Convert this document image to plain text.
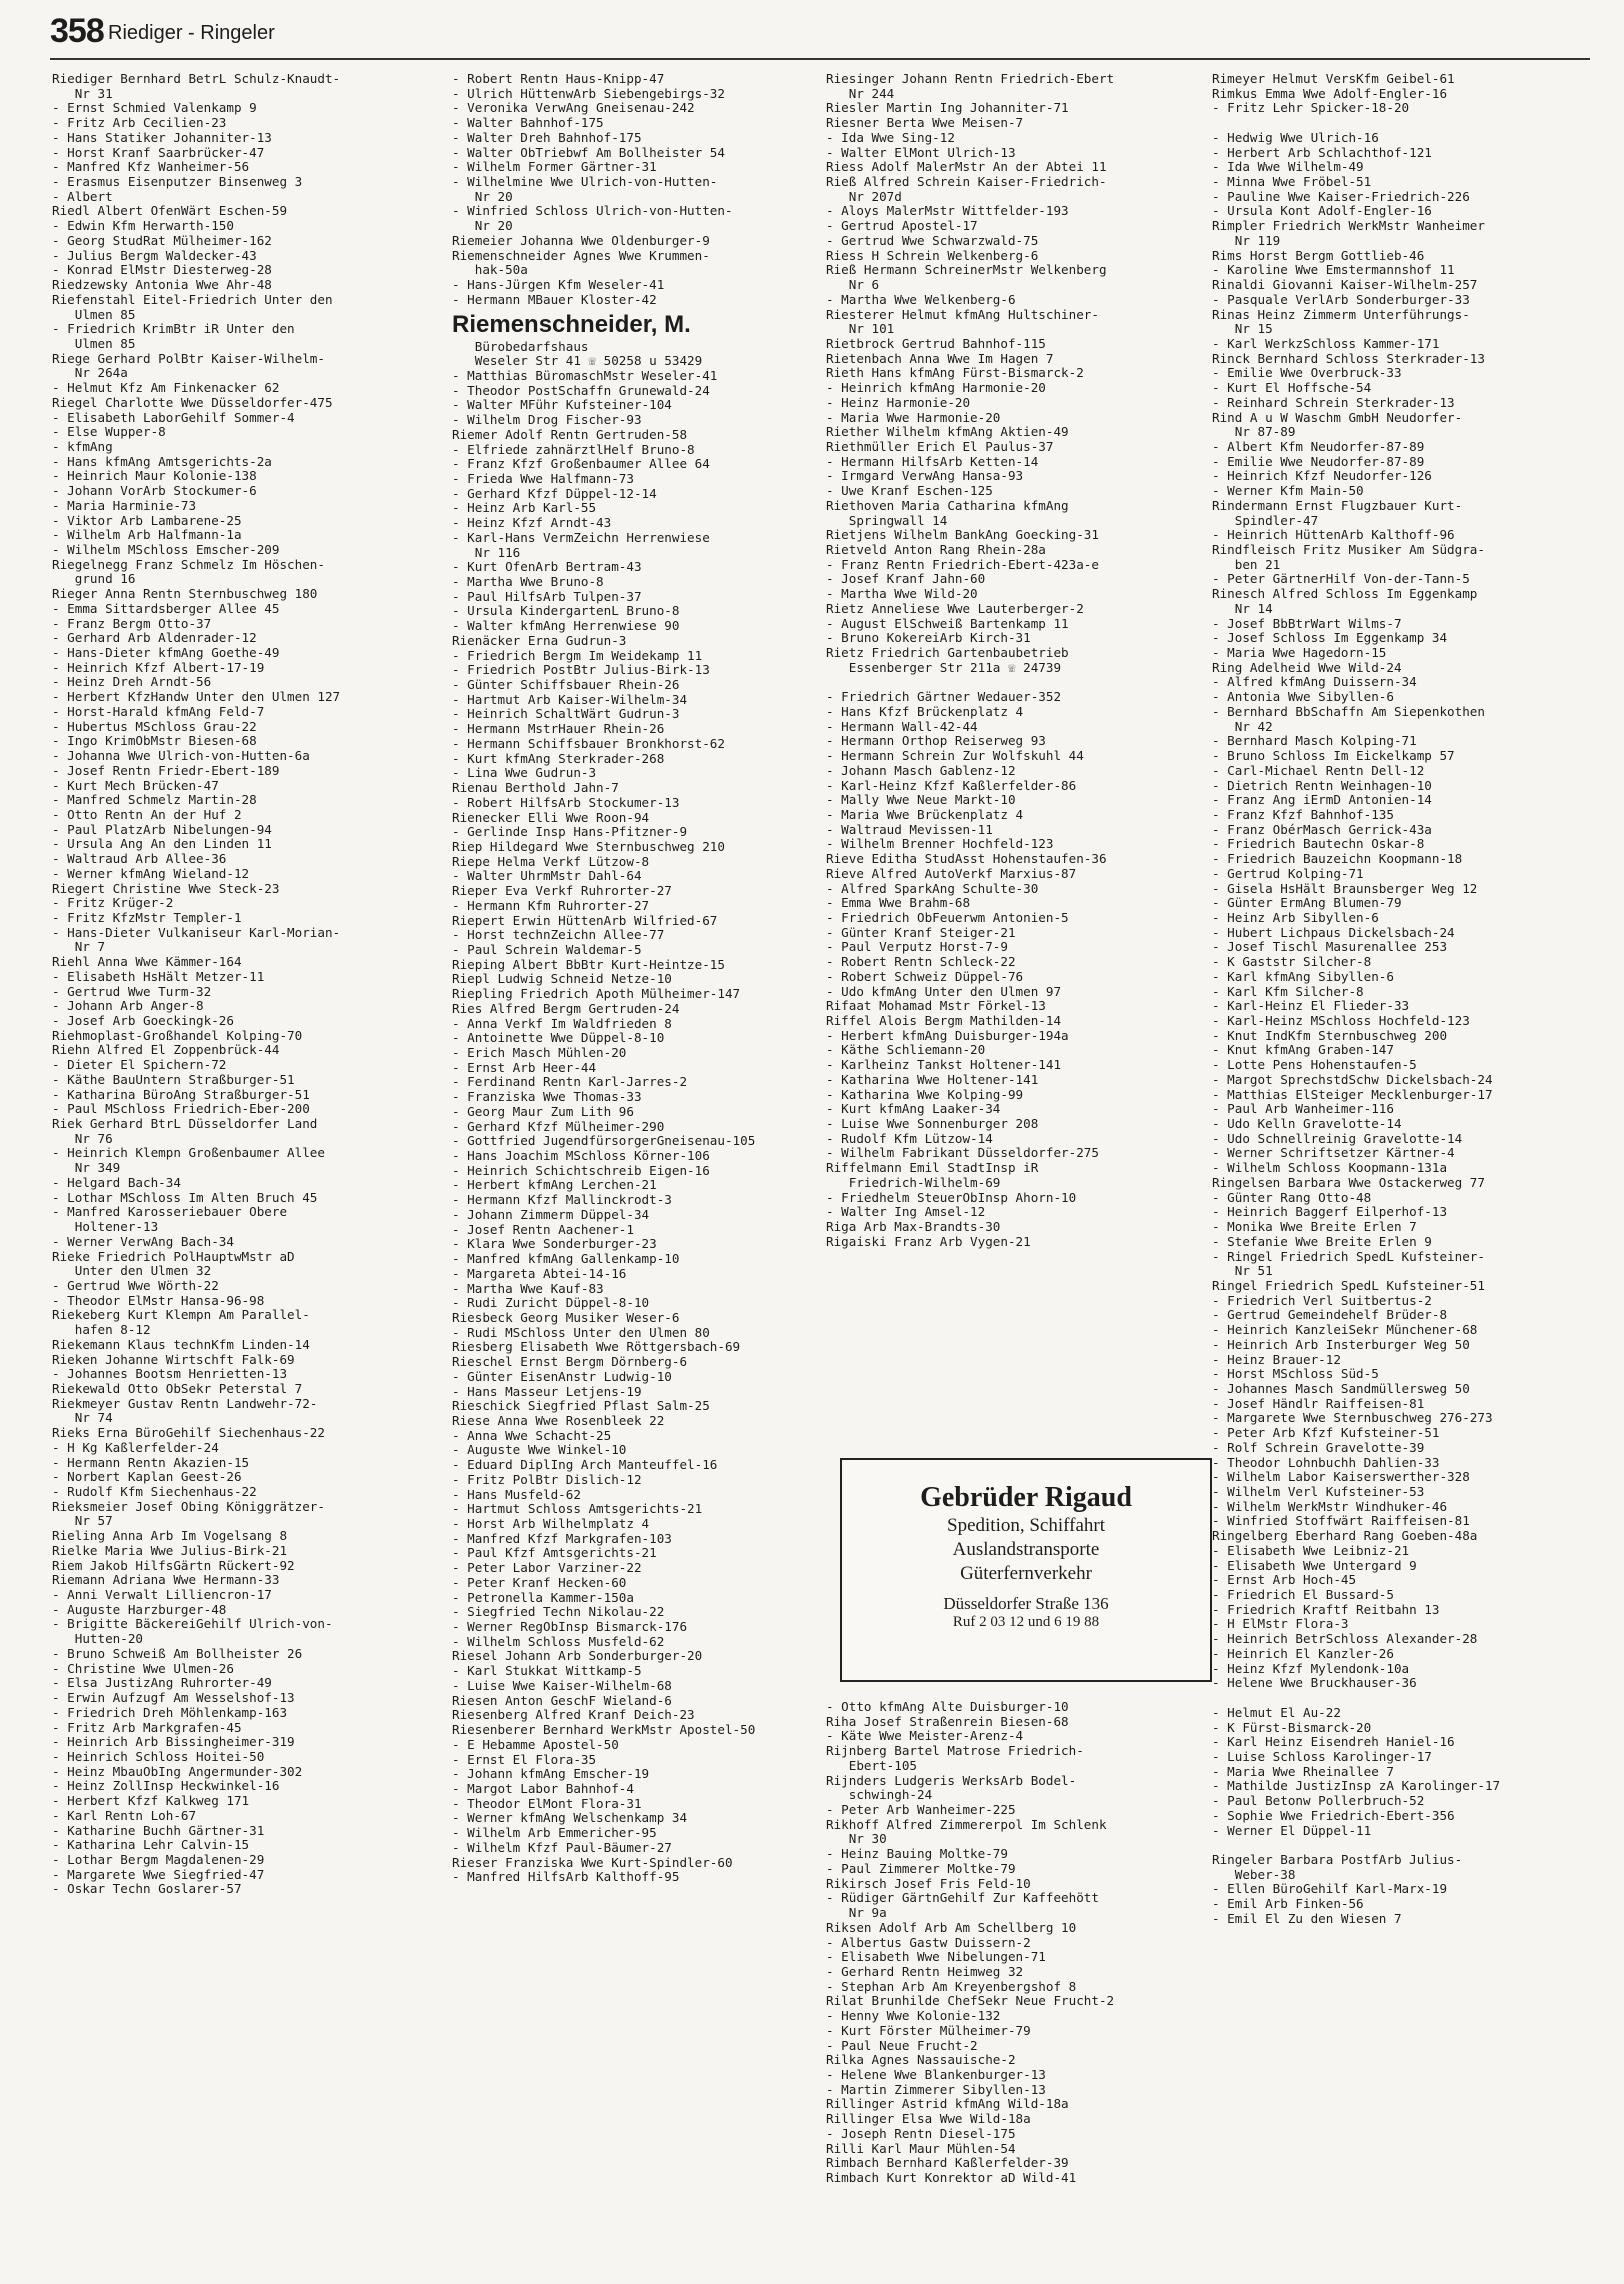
358 Riediger - Ringeler
Riediger Bernhard BetrL Schulz-Knaudt-
Nr 31
- Ernst Schmied Valenkamp 9
- Fritz Arb Cecilien-23
- Hans Statiker Johanniter-13
- Horst Kranf Saarbrücker-47
- Manfred Kfz Wanheimer-56
- Erasmus Eisenputzer Binsenweg 3
- Albert
Riedl Albert OfenWärt Eschen-59
- Edwin Kfm Herwarth-150
- Georg StudRat Mülheimer-162
- Julius Bergm Waldecker-43
- Konrad ElMstr Diesterweg-28
Riedzewsky Antonia Wwe Ahr-48
Riefenstahl Eitel-Friedrich Unter den
Ulmen 85
- Friedrich KrimBtr iR Unter den
Ulmen 85
Riege Gerhard PolBtr Kaiser-Wilhelm-
Nr 264a
- Helmut Kfz Am Finkenacker 62
Riegel Charlotte Wwe Düsseldorfer-475
- Elisabeth LaborGehilf Sommer-4
- Else Wupper-8
- kfmAng
- Hans kfmAng Amtsgerichts-2a
- Heinrich Maur Kolonie-138
- Johann VorArb Stockumer-6
- Maria Harminie-73
- Viktor Arb Lambarene-25
- Wilhelm Arb Halfmann-1a
- Wilhelm MSchloss Emscher-209
Riegelnegg Franz Schmelz Im Höschen-
grund 16
Rieger Anna Rentn Sternbuschweg 180
- Emma Sittardsberger Allee 45
- Franz Bergm Otto-37
- Gerhard Arb Aldenrader-12
- Hans-Dieter kfmAng Goethe-49
- Heinrich Kfzf Albert-17-19
- Heinz Dreh Arndt-56
- Herbert KfzHandw Unter den Ulmen 127
- Horst-Harald kfmAng Feld-7
- Hubertus MSchloss Grau-22
- Ingo KrimObMstr Biesen-68
- Johanna Wwe Ulrich-von-Hutten-6a
- Josef Rentn Friedr-Ebert-189
- Kurt Mech Brücken-47
- Manfred Schmelz Martin-28
- Otto Rentn An der Huf 2
- Paul PlatzArb Nibelungen-94
- Ursula Ang An den Linden 11
- Waltraud Arb Allee-36
- Werner kfmAng Wieland-12
Riegert Christine Wwe Steck-23
- Fritz Krüger-2
- Fritz KfzMstr Templer-1
- Hans-Dieter Vulkaniseur Karl-Morian-
Nr 7
Riehl Anna Wwe Kämmer-164
- Elisabeth HsHält Metzer-11
- Gertrud Wwe Turm-32
- Johann Arb Anger-8
- Josef Arb Goeckingk-26
Riehmoplast-Großhandel Kolping-70
Riehn Alfred El Zoppenbrück-44
- Dieter El Spichern-72
- Käthe BauUntern Straßburger-51
- Katharina BüroAng Straßburger-51
- Paul MSchloss Friedrich-Eber-200
Riek Gerhard BtrL Düsseldorfer Land
Nr 76
- Heinrich Klempn Großenbaumer Allee
Nr 349
- Helgard Bach-34
- Lothar MSchloss Im Alten Bruch 45
- Manfred Karosseriebauer Obere
Holtener-13
- Werner VerwAng Bach-34
Rieke Friedrich PolHauptwMstr aD
Unter den Ulmen 32
- Gertrud Wwe Wörth-22
- Theodor ElMstr Hansa-96-98
Riekeberg Kurt Klempn Am Parallel-
hafen 8-12
Riekemann Klaus technKfm Linden-14
Rieken Johanne Wirtschft Falk-69
- Johannes Bootsm Henrietten-13
Riekewald Otto ObSekr Peterstal 7
Riekmeyer Gustav Rentn Landwehr-72-
Nr 74
Rieks Erna BüroGehilf Siechenhaus-22
- H Kg Kaßlerfelder-24
- Hermann Rentn Akazien-15
- Norbert Kaplan Geest-26
- Rudolf Kfm Siechenhaus-22
Rieksmeier Josef Obing Königgrätzer-
Nr 57
Rieling Anna Arb Im Vogelsang 8
Rielke Maria Wwe Julius-Birk-21
Riem Jakob HilfsGärtn Rückert-92
Riemann Adriana Wwe Hermann-33
- Anni Verwalt Lilliencron-17
- Auguste Harzburger-48
- Brigitte BäckereiGehilf Ulrich-von-
Hutten-20
- Bruno Schweiß Am Bollheister 26
- Christine Wwe Ulmen-26
- Elsa JustizAng Ruhrorter-49
- Erwin Aufzugf Am Wesselshof-13
- Friedrich Dreh Möhlenkamp-163
- Fritz Arb Markgrafen-45
- Heinrich Arb Bissingheimer-319
- Heinrich Schloss Hoitei-50
- Heinz MbauObIng Angermunder-302
- Heinz ZollInsp Heckwinkel-16
- Herbert Kfzf Kalkweg 171
- Karl Rentn Loh-67
- Katharine Buchh Gärtner-31
- Katharina Lehr Calvin-15
- Lothar Bergm Magdalenen-29
- Margarete Wwe Siegfried-47
- Oskar Techn Goslarer-57
- Robert Rentn Haus-Knipp-47
- Ulrich HüttenwArb Siebengebirgs-32
- Veronika VerwAng Gneisenau-242
- Walter Bahnhof-175
- Walter Dreh Bahnhof-175
- Walter ObTriebwf Am Bollheister 54
- Wilhelm Former Gärtner-31
- Wilhelmine Wwe Ulrich-von-Hutten-
Nr 20
- Winfried Schloss Ulrich-von-Hutten-
Nr 20
Riemeier Johanna Wwe Oldenburger-9
Riemenschneider Agnes Wwe Krummen-
hak-50a
- Hans-Jürgen Kfm Weseler-41
- Hermann MBauer Kloster-42
Riemenschneider, M.
Bürobedarfshaus
Weseler Str 41 ☏ 50258 u 53429
- Matthias BüromaschMstr Weseler-41
- Theodor PostSchaffn Grunewald-24
- Walter MFühr Kufsteiner-104
- Wilhelm Drog Fischer-93
Riemer Adolf Rentn Gertruden-58
- Elfriede zahnärztlHelf Bruno-8
- Franz Kfzf Großenbaumer Allee 64
- Frieda Wwe Halfmann-73
- Gerhard Kfzf Düppel-12-14
- Heinz Arb Karl-55
- Heinz Kfzf Arndt-43
- Karl-Hans VermZeichn Herrenwiese
Nr 116
- Kurt OfenArb Bertram-43
- Martha Wwe Bruno-8
- Paul HilfsArb Tulpen-37
- Ursula KindergartenL Bruno-8
- Walter kfmAng Herrenwiese 90
Rienäcker Erna Gudrun-3
- Friedrich Bergm Im Weidekamp 11
- Friedrich PostBtr Julius-Birk-13
- Günter Schiffsbauer Rhein-26
- Hartmut Arb Kaiser-Wilhelm-34
- Heinrich SchaltWärt Gudrun-3
- Hermann MstrHauer Rhein-26
- Hermann Schiffsbauer Bronkhorst-62
- Kurt kfmAng Sterkrader-268
- Lina Wwe Gudrun-3
Rienau Berthold Jahn-7
- Robert HilfsArb Stockumer-13
Rienecker Elli Wwe Roon-94
- Gerlinde Insp Hans-Pfitzner-9
Riep Hildegard Wwe Sternbuschweg 210
Riepe Helma Verkf Lützow-8
- Walter UhrmMstr Dahl-64
Rieper Eva Verkf Ruhrorter-27
- Hermann Kfm Ruhrorter-27
Riepert Erwin HüttenArb Wilfried-67
- Horst technZeichn Allee-77
- Paul Schrein Waldemar-5
Rieping Albert BbBtr Kurt-Heintze-15
Riepl Ludwig Schneid Netze-10
Riepling Friedrich Apoth Mülheimer-147
Ries Alfred Bergm Gertruden-24
- Anna Verkf Im Waldfrieden 8
- Antoinette Wwe Düppel-8-10
- Erich Masch Mühlen-20
- Ernst Arb Heer-44
- Ferdinand Rentn Karl-Jarres-2
- Franziska Wwe Thomas-33
- Georg Maur Zum Lith 96
- Gerhard Kfzf Mülheimer-290
- Gottfried JugendfürsorgerGneisenau-105
- Hans Joachim MSchloss Körner-106
- Heinrich Schichtschreib Eigen-16
- Herbert kfmAng Lerchen-21
- Hermann Kfzf Mallinckrodt-3
- Johann Zimmerm Düppel-34
- Josef Rentn Aachener-1
- Klara Wwe Sonderburger-23
- Manfred kfmAng Gallenkamp-10
- Margareta Abtei-14-16
- Martha Wwe Kauf-83
- Rudi Zuricht Düppel-8-10
Riesbeck Georg Musiker Weser-6
- Rudi MSchloss Unter den Ulmen 80
Riesberg Elisabeth Wwe Röttgersbach-69
Rieschel Ernst Bergm Dörnberg-6
- Günter EisenAnstr Ludwig-10
- Hans Masseur Letjens-19
Rieschick Siegfried Pflast Salm-25
Riese Anna Wwe Rosenbleek 22
- Anna Wwe Schacht-25
- Auguste Wwe Winkel-10
- Eduard DiplIng Arch Manteuffel-16
- Fritz PolBtr Dislich-12
- Hans Musfeld-62
- Hartmut Schloss Amtsgerichts-21
- Horst Arb Wilhelmplatz 4
- Manfred Kfzf Markgrafen-103
- Paul Kfzf Amtsgerichts-21
- Peter Labor Varziner-22
- Peter Kranf Hecken-60
- Petronella Kammer-150a
- Siegfried Techn Nikolau-22
- Werner RegObInsp Bismarck-176
- Wilhelm Schloss Musfeld-62
Riesel Johann Arb Sonderburger-20
- Karl Stukkat Wittkamp-5
- Luise Wwe Kaiser-Wilhelm-68
Riesen Anton GeschF Wieland-6
Riesenberg Alfred Kranf Deich-23
Riesenberer Bernhard WerkMstr Apostel-50
- E Hebamme Apostel-50
- Ernst El Flora-35
- Johann kfmAng Emscher-19
- Margot Labor Bahnhof-4
- Theodor ElMont Flora-31
- Werner kfmAng Welschenkamp 34
- Wilhelm Arb Emmericher-95
- Wilhelm Kfzf Paul-Bäumer-27
Rieser Franziska Wwe Kurt-Spindler-60
- Manfred HilfsArb Kalthoff-95
Riesinger Johann Rentn Friedrich-Ebert
Nr 244
Riesler Martin Ing Johanniter-71
Riesner Berta Wwe Meisen-7
- Ida Wwe Sing-12
- Walter ElMont Ulrich-13
Riess Adolf MalerMstr An der Abtei 11
Rieß Alfred Schrein Kaiser-Friedrich-
Nr 207d
- Aloys MalerMstr Wittfelder-193
- Gertrud Apostel-17
- Gertrud Wwe Schwarzwald-75
Riess H Schrein Welkenberg-6
Rieß Hermann SchreinerMstr Welkenberg
Nr 6
- Martha Wwe Welkenberg-6
Riesterer Helmut kfmAng Hultschiner-
Nr 101
Rietbrock Gertrud Bahnhof-115
Rietenbach Anna Wwe Im Hagen 7
Rieth Hans kfmAng Fürst-Bismarck-2
- Heinrich kfmAng Harmonie-20
- Heinz Harmonie-20
- Maria Wwe Harmonie-20
Riether Wilhelm kfmAng Aktien-49
Riethmüller Erich El Paulus-37
- Hermann HilfsArb Ketten-14
- Irmgard VerwAng Hansa-93
- Uwe Kranf Eschen-125
Riethoven Maria Catharina kfmAng
Springwall 14
Rietjens Wilhelm BankAng Goecking-31
Rietveld Anton Rang Rhein-28a
- Franz Rentn Friedrich-Ebert-423a-e
- Josef Kranf Jahn-60
- Martha Wwe Wild-20
Rietz Anneliese Wwe Lauterberger-2
- August ElSchweiß Bartenkamp 11
- Bruno KokereiArb Kirch-31
Rietz Friedrich Gartenbaubetrieb
Essenberger Str 211a ☏ 24739

- Friedrich Gärtner Wedauer-352
- Hans Kfzf Brückenplatz 4
- Hermann Wall-42-44
- Hermann Orthop Reiserweg 93
- Hermann Schrein Zur Wolfskuhl 44
- Johann Masch Gablenz-12
- Karl-Heinz Kfzf Kaßlerfelder-86
- Mally Wwe Neue Markt-10
- Maria Wwe Brückenplatz 4
- Waltraud Mevissen-11
- Wilhelm Brenner Hochfeld-123
Rieve Editha StudAsst Hohenstaufen-36
Rieve Alfred AutoVerkf Marxius-87
- Alfred SparkAng Schulte-30
- Emma Wwe Brahm-68
- Friedrich ObFeuerwm Antonien-5
- Günter Kranf Steiger-21
- Paul Verputz Horst-7-9
- Robert Rentn Schleck-22
- Robert Schweiz Düppel-76
- Udo kfmAng Unter den Ulmen 97
Rifaat Mohamad Mstr Förkel-13
Riffel Alois Bergm Mathilden-14
- Herbert kfmAng Duisburger-194a
- Käthe Schliemann-20
- Karlheinz Tankst Holtener-141
- Katharina Wwe Holtener-141
- Katharina Wwe Kolping-99
- Kurt kfmAng Laaker-34
- Luise Wwe Sonnenburger 208
- Rudolf Kfm Lützow-14
- Wilhelm Fabrikant Düsseldorfer-275
Riffelmann Emil StadtInsp iR
Friedrich-Wilhelm-69
- Friedhelm SteuerObInsp Ahorn-10
- Walter Ing Amsel-12
Riga Arb Max-Brandts-30
Rigaiski Franz Arb Vygen-21
Rimeyer Helmut VersKfm Geibel-61
Rimkus Emma Wwe Adolf-Engler-16
- Fritz Lehr Spicker-18-20

- Hedwig Wwe Ulrich-16
- Herbert Arb Schlachthof-121
- Ida Wwe Wilhelm-49
- Minna Wwe Fröbel-51
- Pauline Wwe Kaiser-Friedrich-226
- Ursula Kont Adolf-Engler-16
Rimpler Friedrich WerkMstr Wanheimer
Nr 119
Rims Horst Bergm Gottlieb-46
- Karoline Wwe Emstermannshof 11
Rinaldi Giovanni Kaiser-Wilhelm-257
- Pasquale VerlArb Sonderburger-33
Rinas Heinz Zimmerm Unterführungs-
Nr 15
- Karl WerkzSchloss Kammer-171
Rinck Bernhard Schloss Sterkrader-13
- Emilie Wwe Overbruck-33
- Kurt El Hoffsche-54
- Reinhard Schrein Sterkrader-13
Rind A u W Waschm GmbH Neudorfer-
Nr 87-89
- Albert Kfm Neudorfer-87-89
- Emilie Wwe Neudorfer-87-89
- Heinrich Kfzf Neudorfer-126
- Werner Kfm Main-50
Rindermann Ernst Flugzbauer Kurt-
Spindler-47
- Heinrich HüttenArb Kalthoff-96
Rindfleisch Fritz Musiker Am Südgra-
ben 21
- Peter GärtnerHilf Von-der-Tann-5
Rinesch Alfred Schloss Im Eggenkamp
Nr 14
- Josef BbBtrWart Wilms-7
- Josef Schloss Im Eggenkamp 34
- Maria Wwe Hagedorn-15
Ring Adelheid Wwe Wild-24
- Alfred kfmAng Duissern-34
- Antonia Wwe Sibyllen-6
- Bernhard BbSchaffn Am Siepenkothen
Nr 42
- Bernhard Masch Kolping-71
- Bruno Schloss Im Eickelkamp 57
- Carl-Michael Rentn Dell-12
- Dietrich Rentn Weinhagen-10
- Franz Ang iErmD Antonien-14
- Franz Kfzf Bahnhof-135
- Franz ObérMasch Gerrick-43a
- Friedrich Bautechn Oskar-8
- Friedrich Bauzeichn Koopmann-18
- Gertrud Kolping-71
- Gisela HsHält Braunsberger Weg 12
- Günter ErmAng Blumen-79
- Heinz Arb Sibyllen-6
- Hubert Lichpaus Dickelsbach-24
- Josef Tischl Masurenallee 253
- K Gaststr Silcher-8
- Karl kfmAng Sibyllen-6
- Karl Kfm Silcher-8
- Karl-Heinz El Flieder-33
- Karl-Heinz MSchloss Hochfeld-123
- Knut IndKfm Sternbuschweg 200
- Knut kfmAng Graben-147
- Lotte Pens Hohenstaufen-5
- Margot SprechstdSchw Dickelsbach-24
- Matthias ElSteiger Mecklenburger-17
- Paul Arb Wanheimer-116
- Udo Kelln Gravelotte-14
- Udo Schnellreinig Gravelotte-14
- Werner Schriftsetzer Kärtner-4
- Wilhelm Schloss Koopmann-131a
Ringelsen Barbara Wwe Ostackerweg 77
- Günter Rang Otto-48
- Heinrich Baggerf Eilperhof-13
- Monika Wwe Breite Erlen 7
- Stefanie Wwe Breite Erlen 9
- Ringel Friedrich SpedL Kufsteiner-
Nr 51
Ringel Friedrich SpedL Kufsteiner-51
- Friedrich Verl Suitbertus-2
- Gertrud Gemeindehelf Brüder-8
- Heinrich KanzleiSekr Münchener-68
- Heinrich Arb Insterburger Weg 50
- Heinz Brauer-12
- Horst MSchloss Süd-5
- Johannes Masch Sandmüllersweg 50
- Josef Händlr Raiffeisen-81
- Margarete Wwe Sternbuschweg 276-273
- Peter Arb Kfzf Kufsteiner-51
- Rolf Schrein Gravelotte-39
- Theodor Lohnbuchh Dahlien-33
- Wilhelm Labor Kaiserswerther-328
- Wilhelm Verl Kufsteiner-53
- Wilhelm WerkMstr Windhuker-46
- Winfried Stoffwärt Raiffeisen-81
Ringelberg Eberhard Rang Goeben-48a
- Elisabeth Wwe Leibniz-21
- Elisabeth Wwe Untergard 9
- Ernst Arb Hoch-45
- Friedrich El Bussard-5
- Friedrich Kraftf Reitbahn 13
- H ElMstr Flora-3
- Heinrich BetrSchloss Alexander-28
- Heinrich El Kanzler-26
- Heinz Kfzf Mylendonk-10a
- Helene Wwe Bruckhauser-36

- Helmut El Au-22
- K Fürst-Bismarck-20
- Karl Heinz Eisendreh Haniel-16
- Luise Schloss Karolinger-17
- Maria Wwe Rheinallee 7
- Mathilde JustizInsp zA Karolinger-17
- Paul Betonw Pollerbruch-52
- Sophie Wwe Friedrich-Ebert-356
- Werner El Düppel-11

Ringeler Barbara PostfArb Julius-
Weber-38
- Ellen BüroGehilf Karl-Marx-19
- Emil Arb Finken-56
- Emil El Zu den Wiesen 7
Gebrüder Rigaud
Spedition, Schiffahrt
Auslandstransporte
Güterfernverkehr
Düsseldorfer Straße 136
Ruf 2 03 12 und 6 19 88
- Otto kfmAng Alte Duisburger-10
Riha Josef Straßenrein Biesen-68
- Käte Wwe Meister-Arenz-4
Rijnberg Bartel Matrose Friedrich-
Ebert-105
Rijnders Ludgeris WerksArb Bodel-
schwingh-24
- Peter Arb Wanheimer-225
Rikhoff Alfred Zimmererpol Im Schlenk
Nr 30
- Heinz Bauing Moltke-79
- Paul Zimmerer Moltke-79
Rikirsch Josef Fris Feld-10
- Rüdiger GärtnGehilf Zur Kaffeehött
Nr 9a
Riksen Adolf Arb Am Schellberg 10
- Albertus Gastw Duissern-2
- Elisabeth Wwe Nibelungen-71
- Gerhard Rentn Heimweg 32
- Stephan Arb Am Kreyenbergshof 8
Rilat Brunhilde ChefSekr Neue Frucht-2
- Henny Wwe Kolonie-132
- Kurt Förster Mülheimer-79
- Paul Neue Frucht-2
Rilka Agnes Nassauische-2
- Helene Wwe Blankenburger-13
- Martin Zimmerer Sibyllen-13
Rillinger Astrid kfmAng Wild-18a
Rillinger Elsa Wwe Wild-18a
- Joseph Rentn Diesel-175
Rilli Karl Maur Mühlen-54
Rimbach Bernhard Kaßlerfelder-39
Rimbach Kurt Konrektor aD Wild-41
